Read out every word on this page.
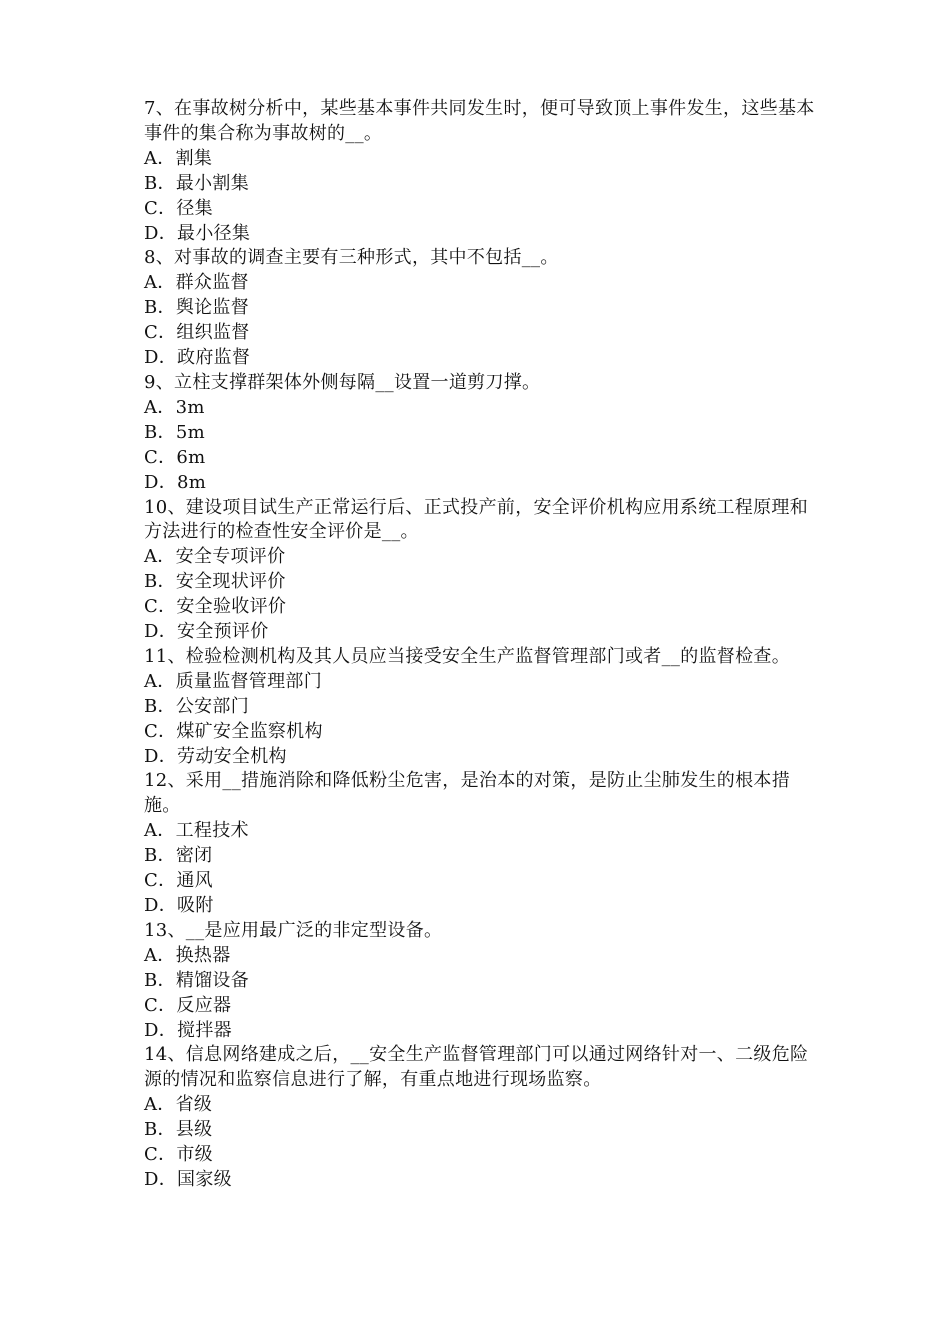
7、在事故树分析中，某些基本事件共同发生时，便可导致顶上事件发生，这些基本事件的集合称为事故树的__。

A．割集

B．最小割集

C．径集

D．最小径集

8、对事故的调查主要有三种形式，其中不包括__。

A．群众监督

B．舆论监督

C．组织监督

D．政府监督

9、立柱支撑群架体外侧每隔__设置一道剪刀撑。

A．3m

B．5m

C．6m

D．8m

10、建设项目试生产正常运行后、正式投产前，安全评价机构应用系统工程原理和方法进行的检查性安全评价是__。

A．安全专项评价

B．安全现状评价

C．安全验收评价

D．安全预评价

11、检验检测机构及其人员应当接受安全生产监督管理部门或者__的监督检查。

A．质量监督管理部门

B．公安部门

C．煤矿安全监察机构

D．劳动安全机构

12、采用__措施消除和降低粉尘危害，是治本的对策，是防止尘肺发生的根本措施。

A．工程技术

B．密闭

C．通风

D．吸附

13、__是应用最广泛的非定型设备。

A．换热器

B．精馏设备

C．反应器

D．搅拌器

14、信息网络建成之后，__安全生产监督管理部门可以通过网络针对一、二级危险源的情况和监察信息进行了解，有重点地进行现场监察。

A．省级

B．县级

C．市级

D．国家级
